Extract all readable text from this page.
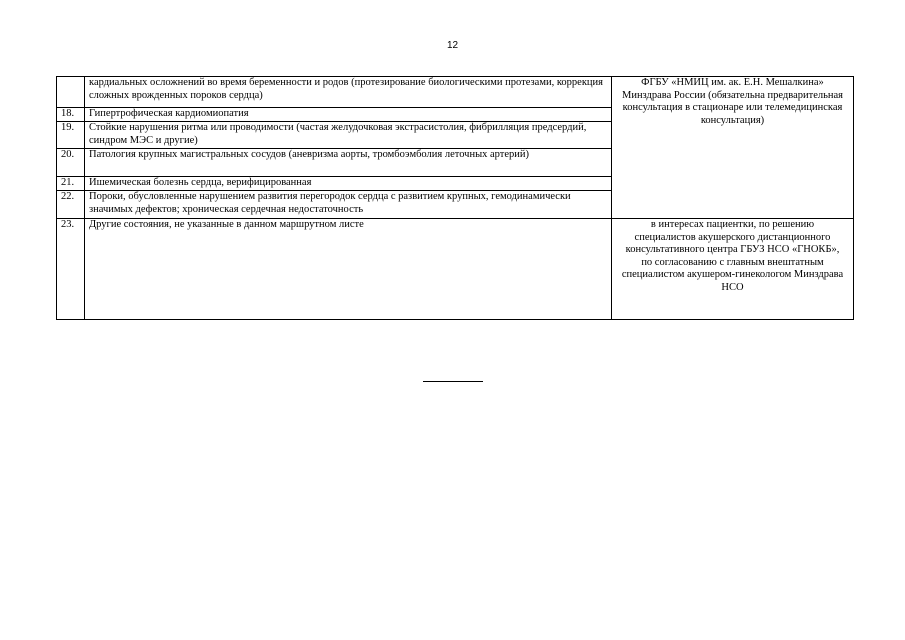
12
	кардиальных осложнений во время беременности и родов (протезирование биологическими протезами, коррекция сложных врожденных пороков сердца)	ФГБУ «НМИЦ им. ак. Е.Н. Мешалкина» Минздрава России (обязательна предварительная консультация в стационаре или телемедицинская консультация)
18.	Гипертрофическая кардиомиопатия	
19.	Стойкие нарушения ритма или проводимости (частая желудочковая экстрасистолия, фибрилляция предсердий, синдром МЭС и другие)	
20.	Патология крупных магистральных сосудов (аневризма аорты, тромбоэмболия леточных артерий)	
21.	Ишемическая болезнь сердца, верифицированная	
22.	Пороки, обусловленные нарушением развития перегородок сердца с развитием крупных, гемодинамически значимых дефектов; хроническая сердечная недостаточность	
23.	Другие состояния, не указанные в данном маршрутном листе	в интересах пациентки, по решению специалистов акушерского дистанционного консультативного центра ГБУЗ НСО «ГНОКБ», по согласованию с главным внештатным специалистом акушером-гинекологом Минздрава НСО
